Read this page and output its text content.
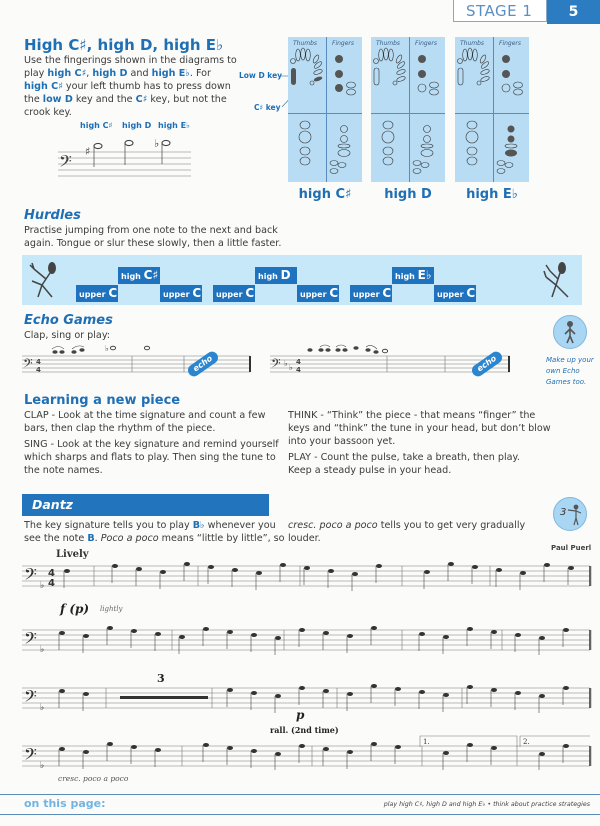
STAGE 1	5
High C♯, high D, high E♭
Use the fingerings shown in the diagrams to
play high C♯, high D and high E♭. For
high C♯ your left thumb has to press down
the low D key and the C♯ key, but not the
crook key.
high C♯ high D high E♭
𝄢 ♯
♭
Low D key
C♯ key
Thumbs Fingers
high C♯
Thumbs Fingers
high D
Thumbs Fingers
high E♭
Hurdles
Practise jumping from one note to the next and back
again. Tongue or slur these slowly, then a little faster.
upper C
high C♯
upper C	upper C
high D
upper C	upper C
high E♭
upper C
Echo Games
Clap, sing or play:
𝄢 4
4
♭
echo	𝄢 ♭ ♭
4
4	echo	Make up your
own Echo
Games too.
Learning a new piece
CLAP - Look at the time signature and count a few
bars, then clap the rhythm of the piece.
SING - Look at the key signature and remind yourself
which sharps and flats to play. Then sing the tune to
the note names.
THINK - “Think” the piece - that means “finger” the
keys and “think” the tune in your head, but don’t blow
into your bassoon yet.
PLAY - Count the pulse, take a breath, then play.
Keep a steady pulse in your head.
Dantz
The key signature tells you to play B♭ whenever you
see the note B. Poco a poco means “little by little”, so
cresc. poco a poco tells you to get very gradually
louder.
3
Paul Puerl
Lively
𝄢 ♭
4
4
𝄢 ♭
𝄢 ♭
𝄢 ♭
f (p) lightly
3
p
rall. (2nd time)
1.	2.
cresc. poco a poco
on this page:	play high C♯, high D and high E♭ • think about practice strategies
